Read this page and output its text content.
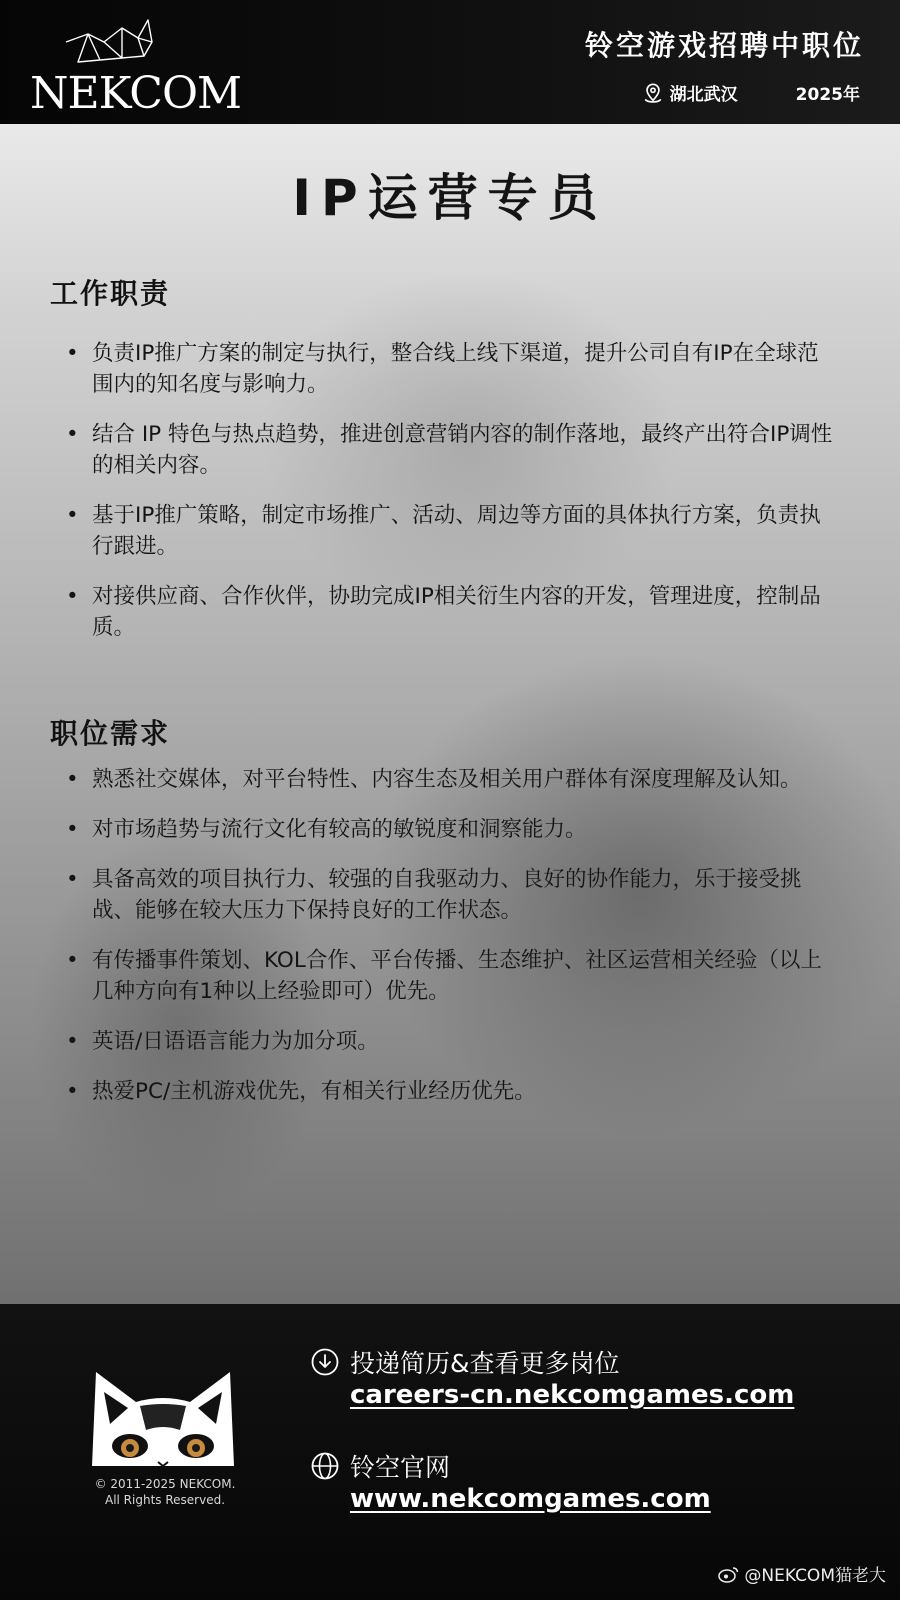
NEKCOM
铃空游戏招聘中职位
湖北武汉	2025年
IP运营专员
工作职责
• 负责IP推广方案的制定与执行，整合线上线下渠道，提升公司自有IP在全球范围内的知名度与影响力。
• 结合 IP 特色与热点趋势，推进创意营销内容的制作落地，最终产出符合IP调性的相关内容。
• 基于IP推广策略，制定市场推广、活动、周边等方面的具体执行方案，负责执行跟进。
• 对接供应商、合作伙伴，协助完成IP相关衍生内容的开发，管理进度，控制品质。
职位需求
• 熟悉社交媒体，对平台特性、内容生态及相关用户群体有深度理解及认知。
• 对市场趋势与流行文化有较高的敏锐度和洞察能力。
• 具备高效的项目执行力、较强的自我驱动力、良好的协作能力，乐于接受挑战、能够在较大压力下保持良好的工作状态。
• 有传播事件策划、KOL合作、平台传播、生态维护、社区运营相关经验（以上几种方向有1种以上经验即可）优先。
• 英语/日语语言能力为加分项。
• 热爱PC/主机游戏优先，有相关行业经历优先。
© 2011-2025 NEKCOM.
All Rights Reserved.
投递简历&查看更多岗位
careers-cn.nekcomgames.com
铃空官网
www.nekcomgames.com
@NEKCOM猫老大
